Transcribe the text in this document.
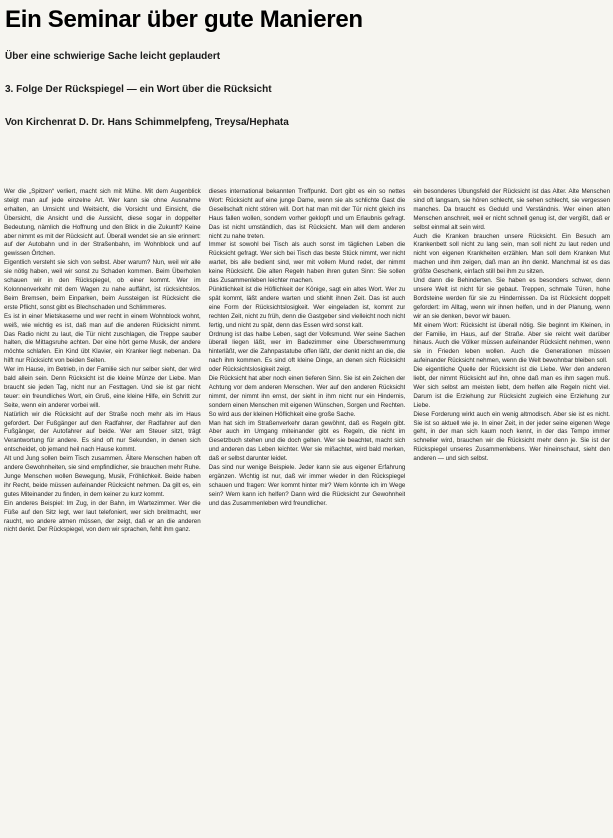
Ein Seminar über gute Manieren
Über eine schwierige Sache leicht geplaudert
3. Folge Der Rückspiegel — ein Wort über die Rücksicht
Von Kirchenrat D. Dr. Hans Schimmelpfeng, Treysa/Hephata

Wer die „Spitzen“ verliert, macht sich mit Mühe. Mit dem Augenblick steigt man auf jede einzelne Art. Wer kann sie ohne Ausnahme erhalten, an Umsicht und Weitsicht, die Vorsicht und Einsicht, die Übersicht, die Ansicht und die Aussicht, diese sogar in doppelter Bedeutung, nämlich die Hoffnung und den Blick in die Zukunft? Keine aber nimmt es mit der Rücksicht auf. Überall wendet sie an sie erinnert: auf der Autobahn und in der Straßenbahn, im Wohnblock und auf gewissen Örtchen.

Eigentlich versteht sie sich von selbst. Aber warum? Nun, weil wir alle sie nötig haben, weil wir sonst zu Schaden kommen. Beim Überholen schauen wir in den Rückspiegel, ob einer kommt. Wer im Kolonnenverkehr mit dem Wagen zu nahe auffährt, ist rücksichtslos. Beim Bremsen, beim Einparken, beim Aussteigen ist Rücksicht die erste Pflicht, sonst gibt es Blechschaden und Schlimmeres.

Es ist in einer Mietskaserne und wer recht in einem Wohnblock wohnt, weiß, wie wichtig es ist, daß man auf die anderen Rücksicht nimmt. Das Radio nicht zu laut, die Tür nicht zuschlagen, die Treppe sauber halten, die Mittagsruhe achten. Der eine hört gerne Musik, der andere möchte schlafen. Ein Kind übt Klavier, ein Kranker liegt nebenan. Da hilft nur Rücksicht von beiden Seiten.

Wer im Hause, im Betrieb, in der Familie sich nur selber sieht, der wird bald allein sein. Denn Rücksicht ist die kleine Münze der Liebe. Man braucht sie jeden Tag, nicht nur an Festtagen. Und sie ist gar nicht teuer: ein freundliches Wort, ein Gruß, eine kleine Hilfe, ein Schritt zur Seite, wenn ein anderer vorbei will.

Natürlich wir die Rücksicht auf der Straße noch mehr als im Haus gefordert. Der Fußgänger auf den Radfahrer, der Radfahrer auf den Fußgänger, der Autofahrer auf beide. Wer am Steuer sitzt, trägt Verantwortung für andere. Es sind oft nur Sekunden, in denen sich entscheidet, ob jemand heil nach Hause kommt.

Alt und Jung sollen beim Tisch zusammen. Ältere Menschen haben oft andere Gewohnheiten, sie sind empfindlicher, sie brauchen mehr Ruhe. Junge Menschen wollen Bewegung, Musik, Fröhlichkeit. Beide haben ihr Recht, beide müssen aufeinander Rücksicht nehmen. Da gilt es, ein gutes Miteinander zu finden, in dem keiner zu kurz kommt.

Ein anderes Beispiel: Im Zug, in der Bahn, im Wartezimmer. Wer die Füße auf den Sitz legt, wer laut telefoniert, wer sich breitmacht, wer raucht, wo andere atmen müssen, der zeigt, daß er an die anderen nicht denkt. Der Rückspiegel, von dem wir sprachen, fehlt ihm ganz.

dieses international bekannten Treffpunkt. Dort gibt es ein so nettes Wort: Rücksicht auf eine junge Dame, wenn sie als schlichte Gast die Gesellschaft nicht stören will. Dort hat man mit der Tür nicht gleich ins Haus fallen wollen, sondern vorher geklopft und um Erlaubnis gefragt. Das ist nicht umständlich, das ist Rücksicht. Man will dem anderen nicht zu nahe treten.

Immer ist sowohl bei Tisch als auch sonst im täglichen Leben die Rücksicht gefragt. Wer sich bei Tisch das beste Stück nimmt, wer nicht wartet, bis alle bedient sind, wer mit vollem Mund redet, der nimmt keine Rücksicht. Die alten Regeln haben ihren guten Sinn: Sie sollen das Zusammenleben leichter machen.

Pünktlichkeit ist die Höflichkeit der Könige, sagt ein altes Wort. Wer zu spät kommt, läßt andere warten und stiehlt ihnen Zeit. Das ist auch eine Form der Rücksichtslosigkeit. Wer eingeladen ist, kommt zur rechten Zeit, nicht zu früh, denn die Gastgeber sind vielleicht noch nicht fertig, und nicht zu spät, denn das Essen wird sonst kalt.

Ordnung ist das halbe Leben, sagt der Volksmund. Wer seine Sachen überall liegen läßt, wer im Badezimmer eine Überschwemmung hinterläßt, wer die Zahnpastatube offen läßt, der denkt nicht an die, die nach ihm kommen. Es sind oft kleine Dinge, an denen sich Rücksicht oder Rücksichtslosigkeit zeigt.

Die Rücksicht hat aber noch einen tieferen Sinn. Sie ist ein Zeichen der Achtung vor dem anderen Menschen. Wer auf den anderen Rücksicht nimmt, der nimmt ihn ernst, der sieht in ihm nicht nur ein Hindernis, sondern einen Menschen mit eigenen Wünschen, Sorgen und Rechten. So wird aus der kleinen Höflichkeit eine große Sache.

Man hat sich im Straßenverkehr daran gewöhnt, daß es Regeln gibt. Aber auch im Umgang miteinander gibt es Regeln, die nicht im Gesetzbuch stehen und die doch gelten. Wer sie beachtet, macht sich und anderen das Leben leichter. Wer sie mißachtet, wird bald merken, daß er selbst darunter leidet.

Das sind nur wenige Beispiele. Jeder kann sie aus eigener Erfahrung ergänzen. Wichtig ist nur, daß wir immer wieder in den Rückspiegel schauen und fragen: Wer kommt hinter mir? Wem könnte ich im Wege sein? Wem kann ich helfen? Dann wird die Rücksicht zur Gewohnheit und das Zusammenleben wird freundlicher.

ein besonderes Übungsfeld der Rücksicht ist das Alter. Alte Menschen sind oft langsam, sie hören schlecht, sie sehen schlecht, sie vergessen manches. Da braucht es Geduld und Verständnis. Wer einen alten Menschen anschreit, weil er nicht schnell genug ist, der vergißt, daß er selbst einmal alt sein wird.

Auch die Kranken brauchen unsere Rücksicht. Ein Besuch am Krankenbett soll nicht zu lang sein, man soll nicht zu laut reden und nicht von eigenen Krankheiten erzählen. Man soll dem Kranken Mut machen und ihm zeigen, daß man an ihn denkt. Manchmal ist es das größte Geschenk, einfach still bei ihm zu sitzen.

Und dann die Behinderten. Sie haben es besonders schwer, denn unsere Welt ist nicht für sie gebaut. Treppen, schmale Türen, hohe Bordsteine werden für sie zu Hindernissen. Da ist Rücksicht doppelt gefordert: im Alltag, wenn wir ihnen helfen, und in der Planung, wenn wir an sie denken, bevor wir bauen.

Mit einem Wort: Rücksicht ist überall nötig. Sie beginnt im Kleinen, in der Familie, im Haus, auf der Straße. Aber sie reicht weit darüber hinaus. Auch die Völker müssen aufeinander Rücksicht nehmen, wenn sie in Frieden leben wollen. Auch die Generationen müssen aufeinander Rücksicht nehmen, wenn die Welt bewohnbar bleiben soll.

Die eigentliche Quelle der Rücksicht ist die Liebe. Wer den anderen liebt, der nimmt Rücksicht auf ihn, ohne daß man es ihm sagen muß. Wer sich selbst am meisten liebt, dem helfen alle Regeln nicht viel. Darum ist die Erziehung zur Rücksicht zugleich eine Erziehung zur Liebe.

Diese Forderung wirkt auch ein wenig altmodisch. Aber sie ist es nicht. Sie ist so aktuell wie je. In einer Zeit, in der jeder seine eigenen Wege geht, in der man sich kaum noch kennt, in der das Tempo immer schneller wird, brauchen wir die Rücksicht mehr denn je. Sie ist der Rückspiegel unseres Zusammenlebens. Wer hineinschaut, sieht den anderen — und sich selbst.
